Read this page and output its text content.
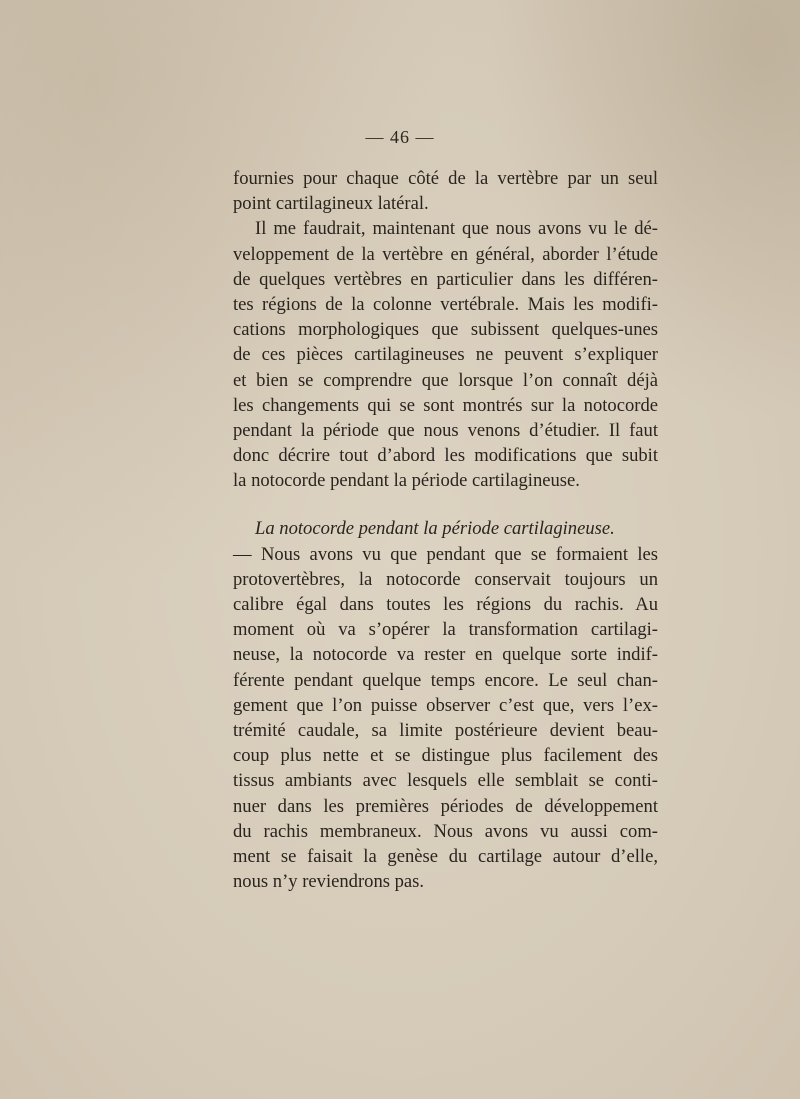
— 46 —
fournies pour chaque côté de la vertèbre par un seul
point cartilagineux latéral.
Il me faudrait, maintenant que nous avons vu le dé-
veloppement de la vertèbre en général, aborder l’étude
de quelques vertèbres en particulier dans les différen-
tes régions de la colonne vertébrale. Mais les modifi-
cations morphologiques que subissent quelques-unes
de ces pièces cartilagineuses ne peuvent s’expliquer
et bien se comprendre que lorsque l’on connaît déjà
les changements qui se sont montrés sur la notocorde
pendant la période que nous venons d’étudier. Il faut
donc décrire tout d’abord les modifications que subit
la notocorde pendant la période cartilagineuse.
La notocorde pendant la période cartilagineuse.
— Nous avons vu que pendant que se formaient les
protovertèbres, la notocorde conservait toujours un
calibre égal dans toutes les régions du rachis. Au
moment où va s’opérer la transformation cartilagi-
neuse, la notocorde va rester en quelque sorte indif-
férente pendant quelque temps encore. Le seul chan-
gement que l’on puisse observer c’est que, vers l’ex-
trémité caudale, sa limite postérieure devient beau-
coup plus nette et se distingue plus facilement des
tissus ambiants avec lesquels elle semblait se conti-
nuer dans les premières périodes de développement
du rachis membraneux. Nous avons vu aussi com-
ment se faisait la genèse du cartilage autour d’elle,
nous n’y reviendrons pas.
